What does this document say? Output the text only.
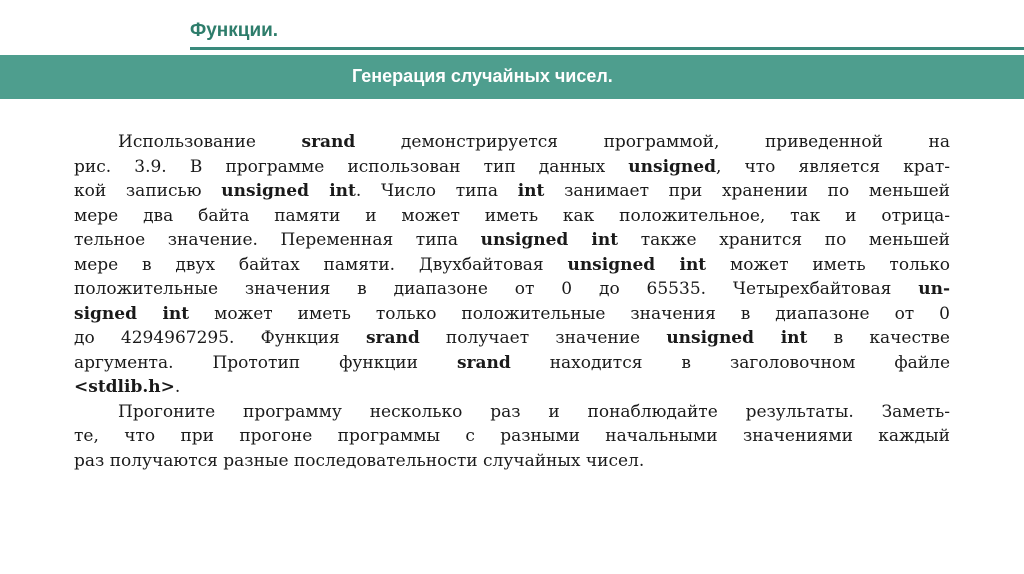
Функции.

Генерация случайных чисел.

Использование srand демонстрируется программой, приведенной на
рис. 3.9. В программе использован тип данных unsigned, что является крат-
кой записью unsigned int. Число типа int занимает при хранении по меньшей
мере два байта памяти и может иметь как положительное, так и отрица-
тельное значение. Переменная типа unsigned int также хранится по меньшей
мере в двух байтах памяти. Двухбайтовая unsigned int может иметь только
положительные значения в диапазоне от 0 до 65535. Четырехбайтовая un-
signed int может иметь только положительные значения в диапазоне от 0
до 4294967295. Функция srand получает значение unsigned int в качестве
аргумента. Прототип функции srand находится в заголовочном файле
<stdlib.h>.
Прогоните программу несколько раз и понаблюдайте результаты. Заметь-
те, что при прогоне программы с разными начальными значениями каждый
раз получаются разные последовательности случайных чисел.
